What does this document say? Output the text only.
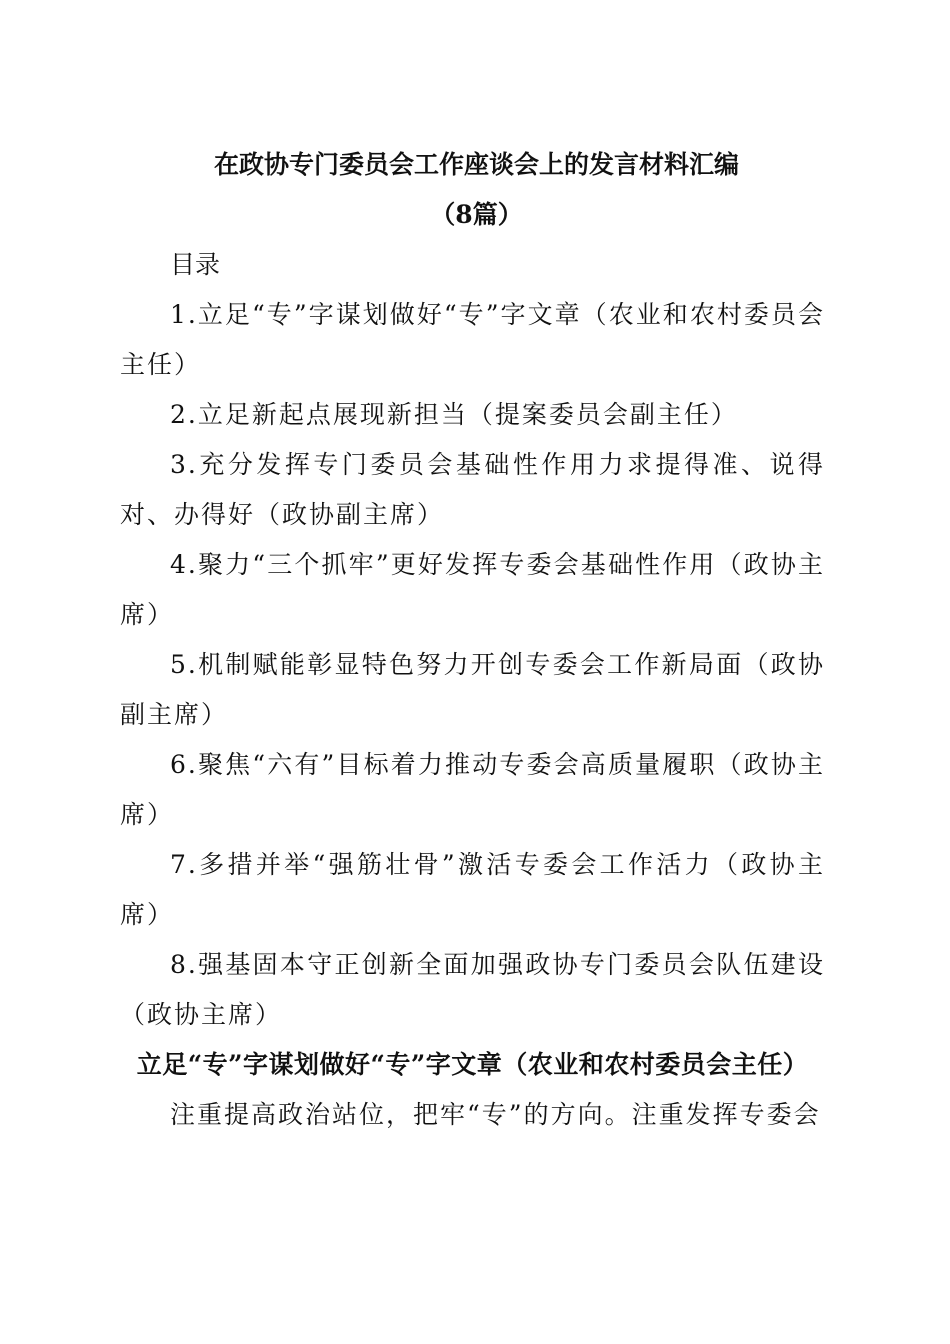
在政协专门委员会工作座谈会上的发言材料汇编

（8篇）

目录

1.立足“专”字谋划做好“专”字文章（农业和农村委员会主任）

2.立足新起点展现新担当（提案委员会副主任）

3.充分发挥专门委员会基础性作用力求提得准、说得对、办得好（政协副主席）

4.聚力“三个抓牢”更好发挥专委会基础性作用（政协主席）

5.机制赋能彰显特色努力开创专委会工作新局面（政协副主席）

6.聚焦“六有”目标着力推动专委会高质量履职（政协主席）

7.多措并举“强筋壮骨”激活专委会工作活力（政协主席）

8.强基固本守正创新全面加强政协专门委员会队伍建设（政协主席）

立足“专”字谋划做好“专”字文章（农业和农村委员会主任）

注重提高政治站位，把牢“专”的方向。注重发挥专委会
